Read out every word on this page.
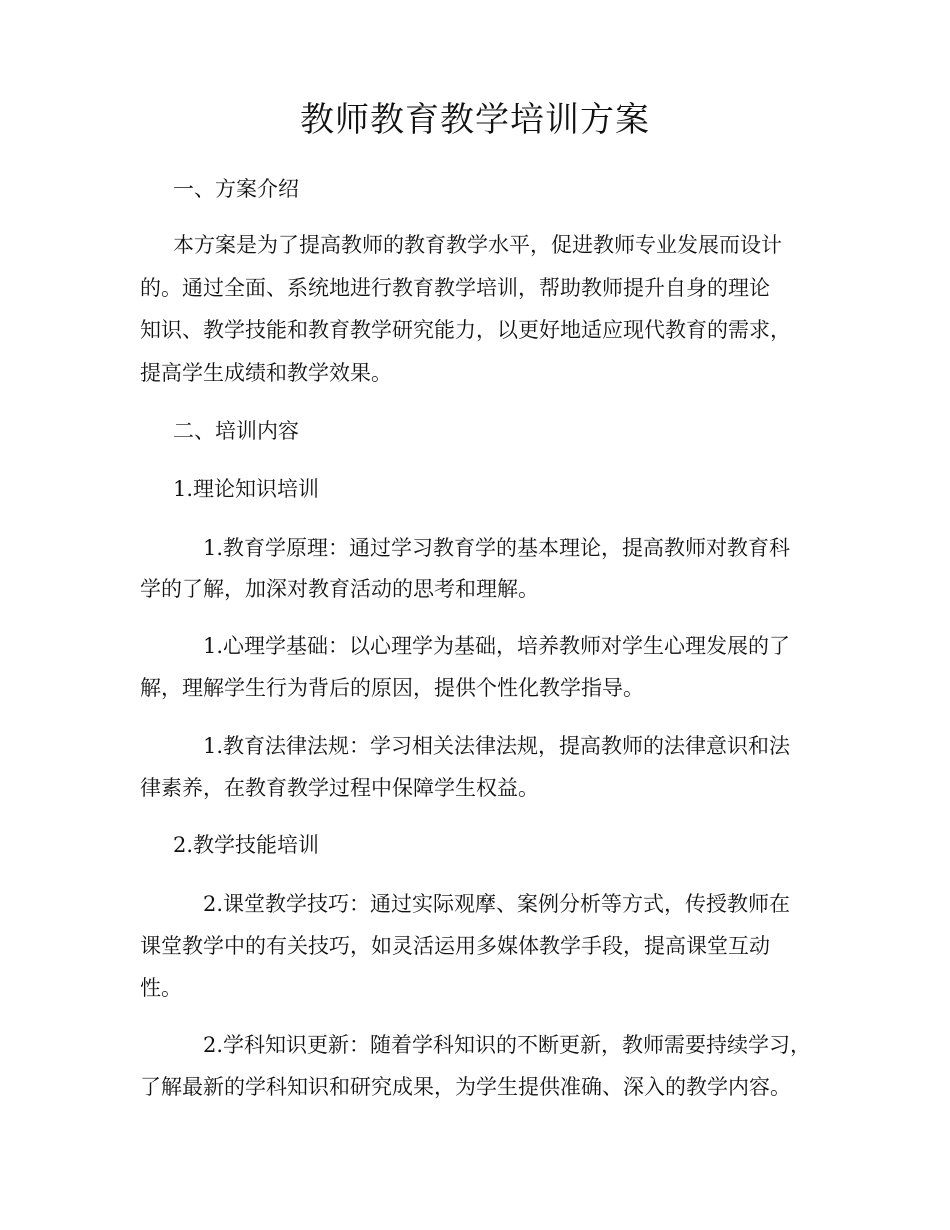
教师教育教学培训方案
一、方案介绍
本方案是为了提高教师的教育教学水平，促进教师专业发展而设计
的。通过全面、系统地进行教育教学培训，帮助教师提升自身的理论
知识、教学技能和教育教学研究能力，以更好地适应现代教育的需求，
提高学生成绩和教学效果。
二、培训内容
1.理论知识培训
1.教育学原理：通过学习教育学的基本理论，提高教师对教育科
学的了解，加深对教育活动的思考和理解。
1.心理学基础：以心理学为基础，培养教师对学生心理发展的了
解，理解学生行为背后的原因，提供个性化教学指导。
1.教育法律法规：学习相关法律法规，提高教师的法律意识和法
律素养，在教育教学过程中保障学生权益。
2.教学技能培训
2.课堂教学技巧：通过实际观摩、案例分析等方式，传授教师在
课堂教学中的有关技巧，如灵活运用多媒体教学手段，提高课堂互动
性。
2.学科知识更新：随着学科知识的不断更新，教师需要持续学习，
了解最新的学科知识和研究成果，为学生提供准确、深入的教学内容。
